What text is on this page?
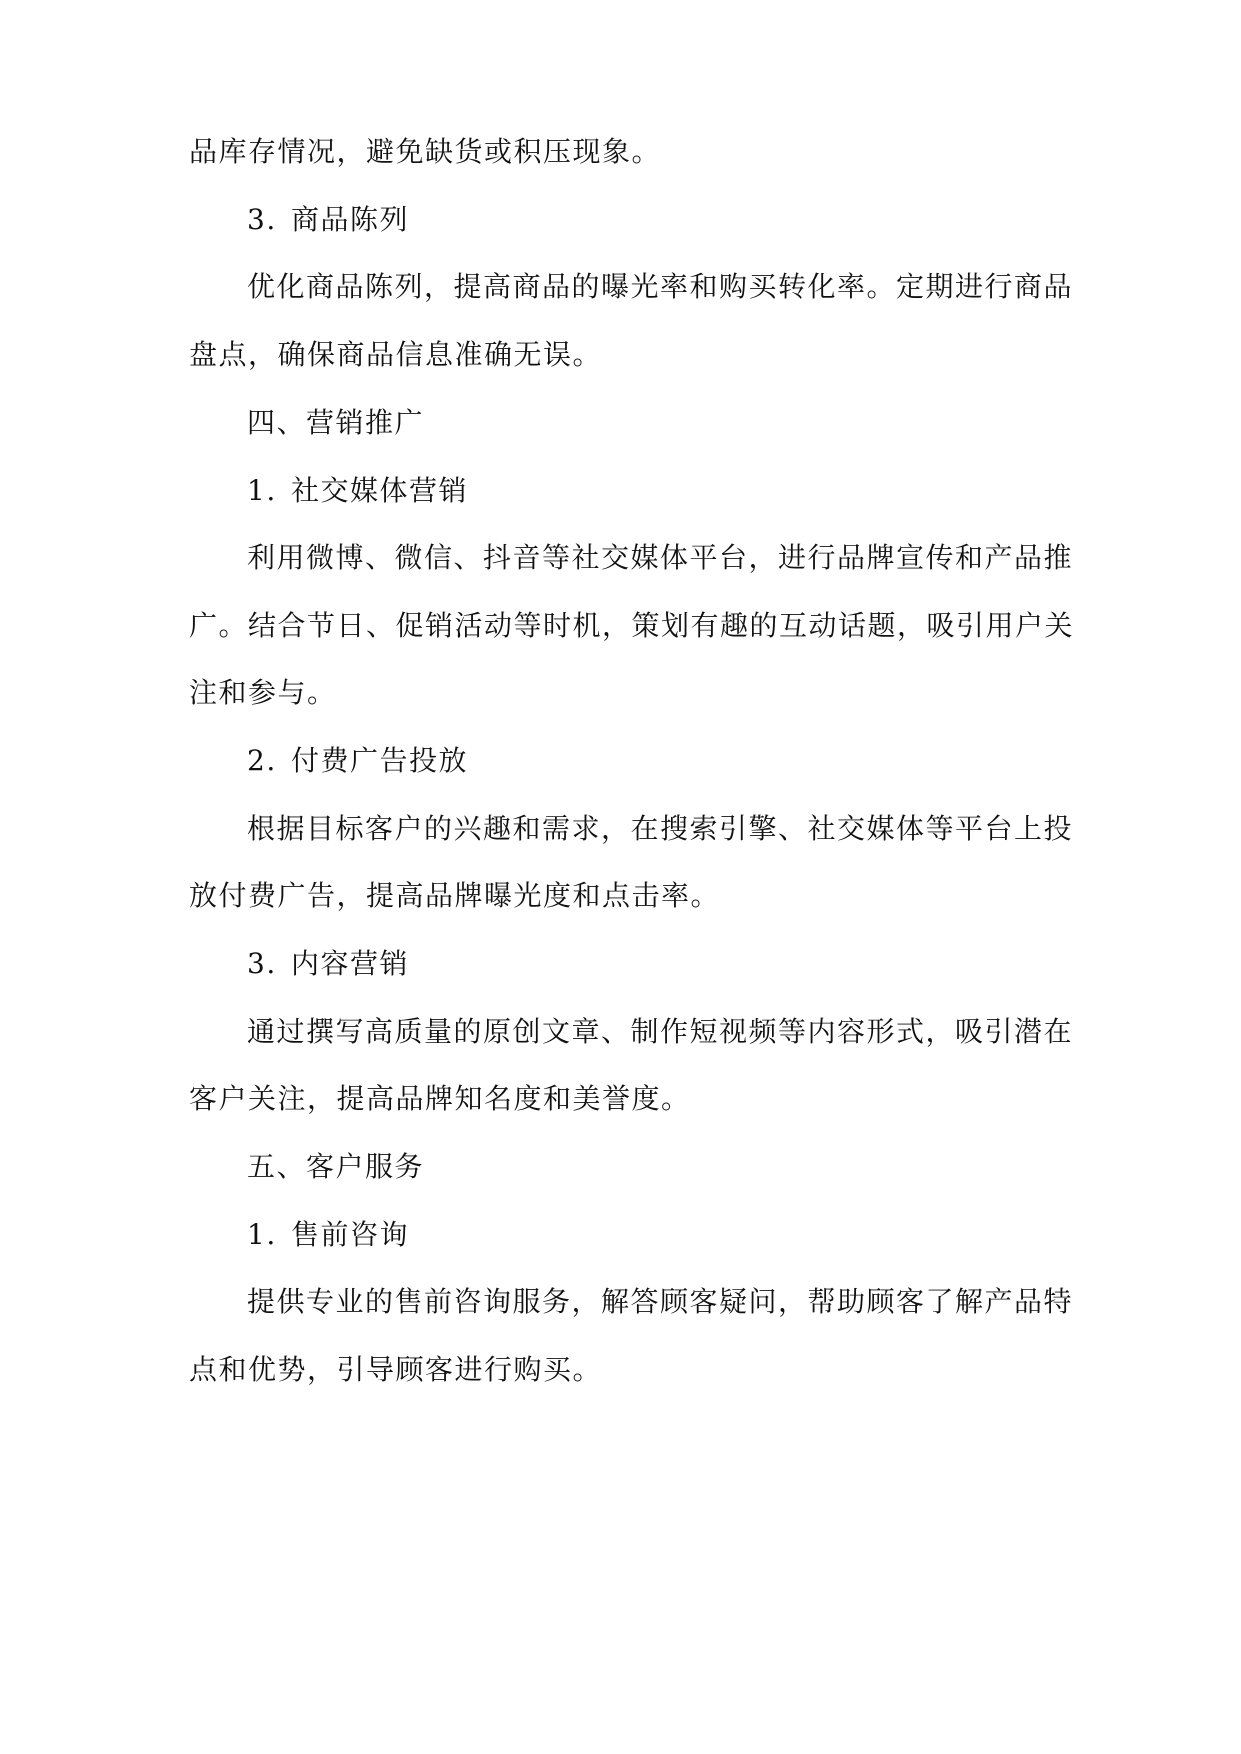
品库存情况，避免缺货或积压现象。
3. 商品陈列
优化商品陈列，提高商品的曝光率和购买转化率。定期进行商品
盘点，确保商品信息准确无误。
四、营销推广
1. 社交媒体营销
利用微博、微信、抖音等社交媒体平台，进行品牌宣传和产品推
广。结合节日、促销活动等时机，策划有趣的互动话题，吸引用户关
注和参与。
2. 付费广告投放
根据目标客户的兴趣和需求，在搜索引擎、社交媒体等平台上投
放付费广告，提高品牌曝光度和点击率。
3. 内容营销
通过撰写高质量的原创文章、制作短视频等内容形式，吸引潜在
客户关注，提高品牌知名度和美誉度。
五、客户服务
1. 售前咨询
提供专业的售前咨询服务，解答顾客疑问，帮助顾客了解产品特
点和优势，引导顾客进行购买。
